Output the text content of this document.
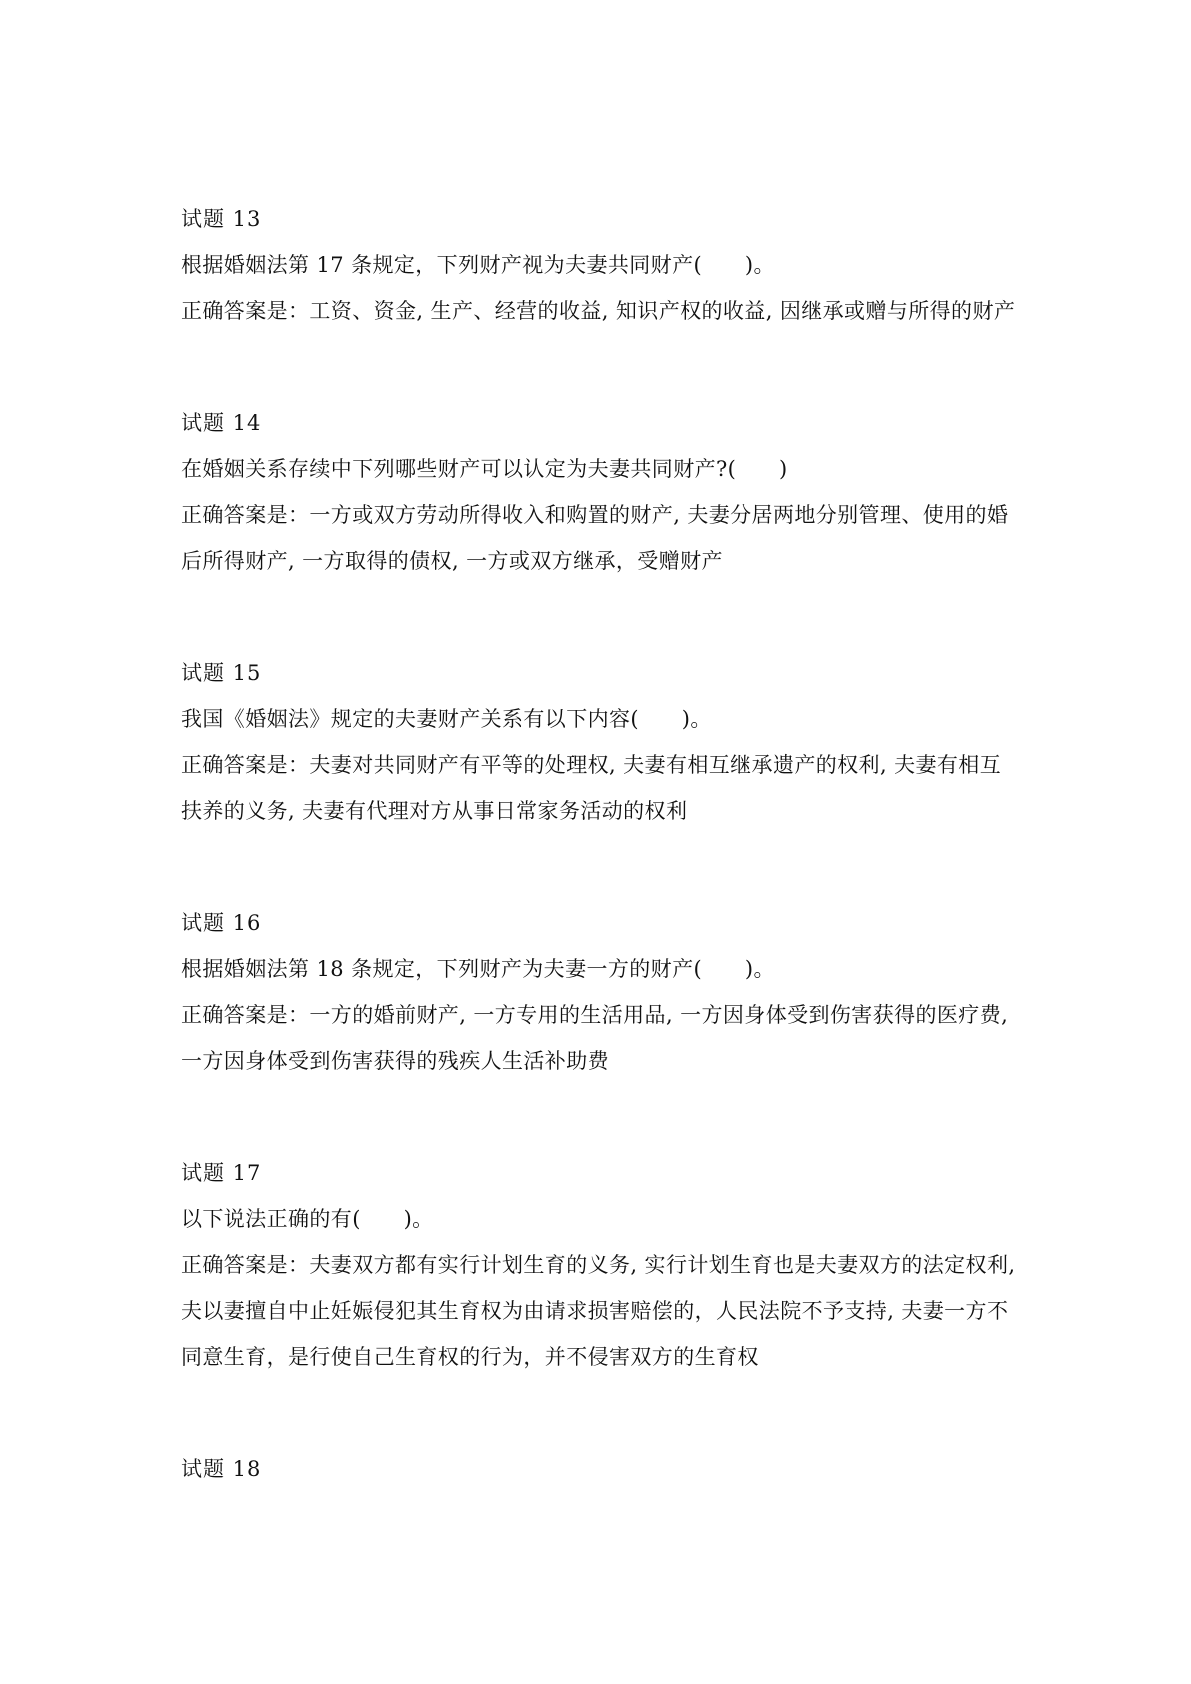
试题 13

根据婚姻法第 17 条规定，下列财产视为夫妻共同财产(　　)。

正确答案是：工资、资金, 生产、经营的收益, 知识产权的收益, 因继承或赠与所得的财产

试题 14

在婚姻关系存续中下列哪些财产可以认定为夫妻共同财产?(　　)

正确答案是：一方或双方劳动所得收入和购置的财产, 夫妻分居两地分别管理、使用的婚后所得财产, 一方取得的债权, 一方或双方继承，受赠财产

试题 15

我国《婚姻法》规定的夫妻财产关系有以下内容(　　)。

正确答案是：夫妻对共同财产有平等的处理权, 夫妻有相互继承遗产的权利, 夫妻有相互扶养的义务, 夫妻有代理对方从事日常家务活动的权利

试题 16

根据婚姻法第 18 条规定，下列财产为夫妻一方的财产(　　)。

正确答案是：一方的婚前财产, 一方专用的生活用品, 一方因身体受到伤害获得的医疗费, 一方因身体受到伤害获得的残疾人生活补助费

试题 17

以下说法正确的有(　　)。

正确答案是：夫妻双方都有实行计划生育的义务, 实行计划生育也是夫妻双方的法定权利, 夫以妻擅自中止妊娠侵犯其生育权为由请求损害赔偿的，人民法院不予支持, 夫妻一方不同意生育，是行使自己生育权的行为，并不侵害双方的生育权

试题 18
